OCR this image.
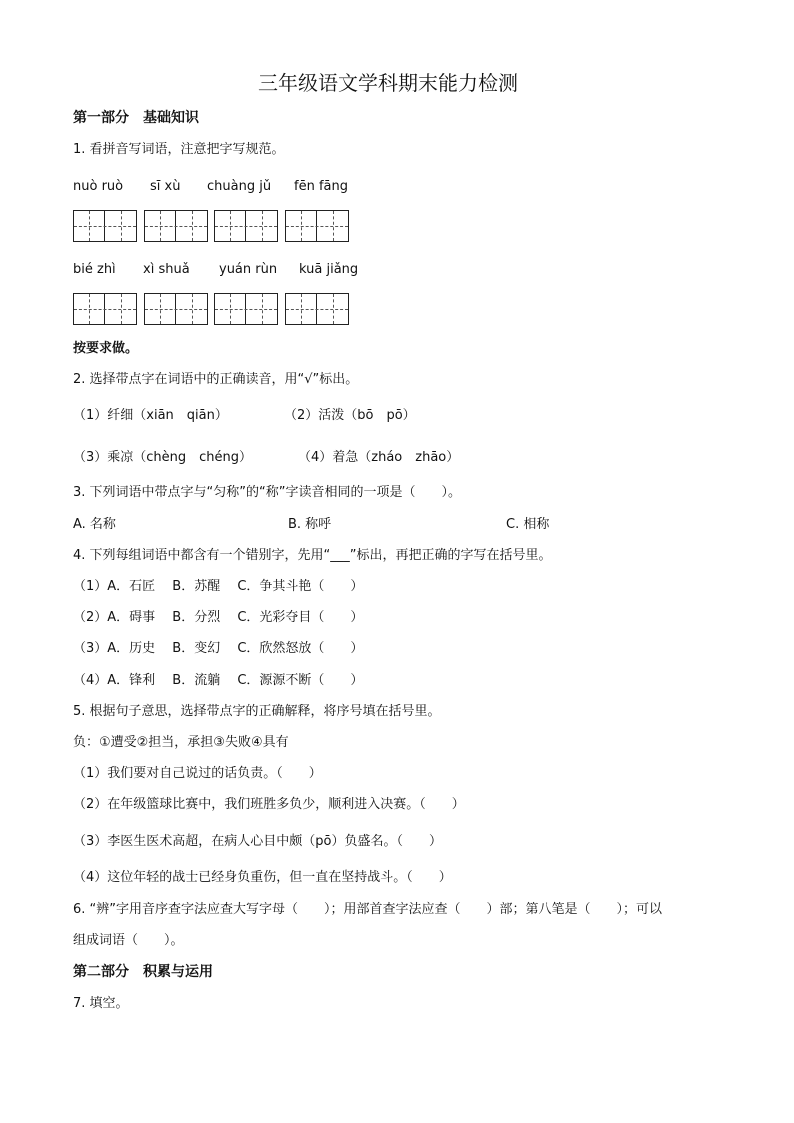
三年级语文学科期末能力检测
第一部分　基础知识
1. 看拼音写词语，注意把字写规范。
nuò ruò sī xù chuàng jǔ fēn fāng
bié zhì xì shuǎ yuán rùn kuā jiǎng
按要求做。
2. 选择带点字在词语中的正确读音，用“√”标出。
（1）纤细（xiān　qiān）	（2）活泼（bō　pō）
（3）乘凉（chèng　chéng）	（4）着急（zháo　zhāo）
3. 下列词语中带点字与“匀称”的“称”字读音相同的一项是（　　）。
A. 名称	B. 称呼	C. 相称
4. 下列每组词语中都含有一个错别字，先用“___”标出，再把正确的字写在括号里。
（1）A．石匠　 B．苏醒　 C．争其斗艳（　　）
（2）A．碍事　 B．分烈　 C．光彩夺目（　　）
（3）A．历史　 B．变幻　 C．欣然怒放（　　）
（4）A．锋利　 B．流躺　 C．源源不断（　　）
5. 根据句子意思，选择带点字的正确解释，将序号填在括号里。
负：①遭受②担当，承担③失败④具有
（1）我们要对自己说过的话负责。（　　）
（2）在年级篮球比赛中，我们班胜多负少，顺利进入决赛。（　　）
（3）李医生医术高超，在病人心目中颇（pō）负盛名。（　　）
（4）这位年轻的战士已经身负重伤，但一直在坚持战斗。（　　）
6. “辨”字用音序查字法应查大写字母（　　）；用部首查字法应查（　　）部；第八笔是（　　）；可以
组成词语（　　）。
第二部分　积累与运用
7. 填空。
